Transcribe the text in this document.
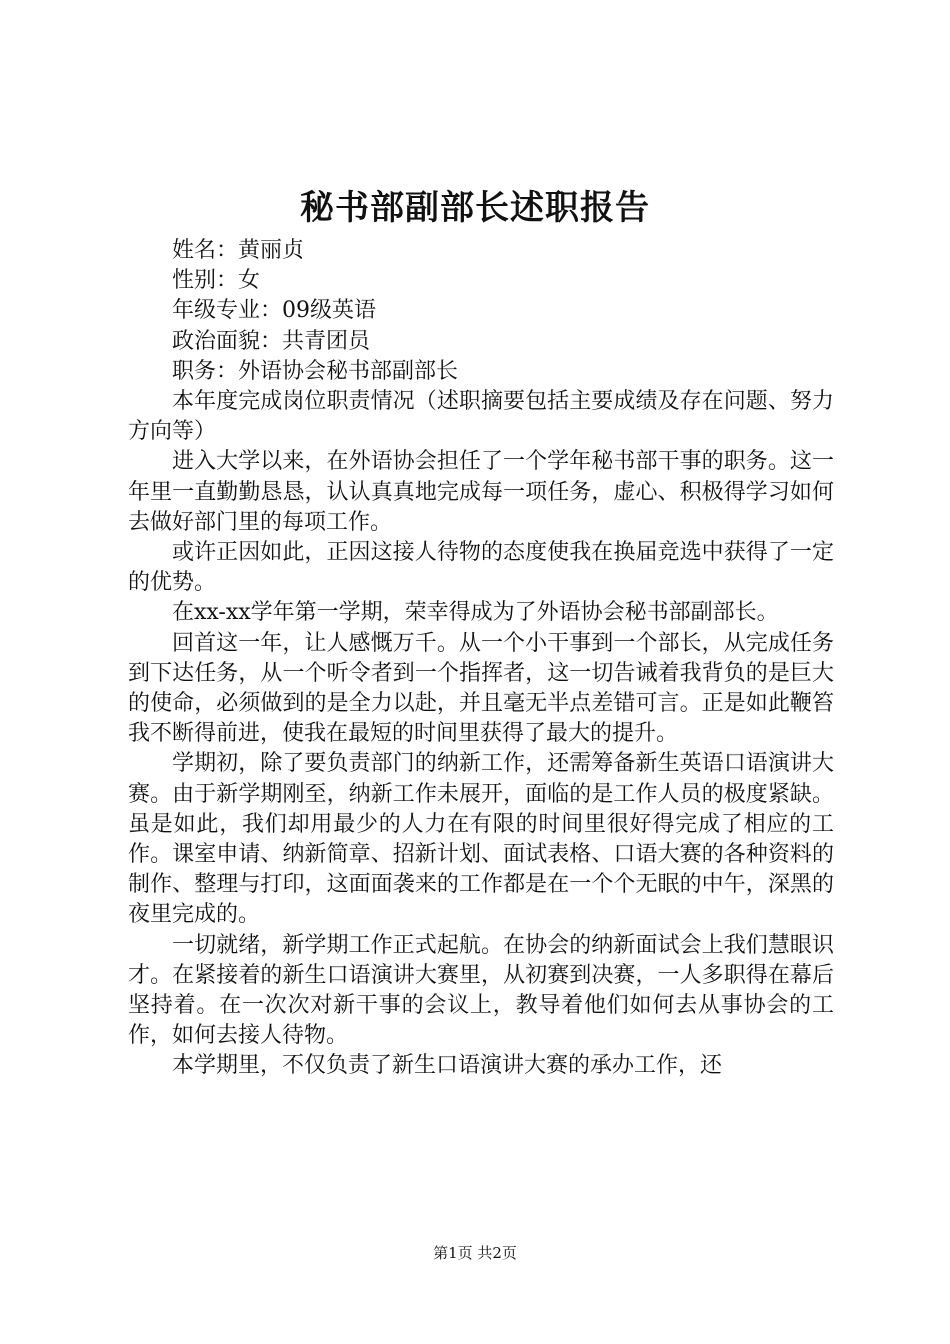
秘书部副部长述职报告

姓名：黄丽贞

性别：女

年级专业：09级英语

政治面貌：共青团员

职务：外语协会秘书部副部长

本年度完成岗位职责情况（述职摘要包括主要成绩及存在问题、努力方向等）

进入大学以来，在外语协会担任了一个学年秘书部干事的职务。这一年里一直勤勤恳恳，认认真真地完成每一项任务，虚心、积极得学习如何去做好部门里的每项工作。

或许正因如此，正因这接人待物的态度使我在换届竞选中获得了一定的优势。

在xx-xx学年第一学期，荣幸得成为了外语协会秘书部副部长。

回首这一年，让人感慨万千。从一个小干事到一个部长，从完成任务到下达任务，从一个听令者到一个指挥者，这一切告诫着我背负的是巨大的使命，必须做到的是全力以赴，并且毫无半点差错可言。正是如此鞭笞我不断得前进，使我在最短的时间里获得了最大的提升。

学期初，除了要负责部门的纳新工作，还需筹备新生英语口语演讲大赛。由于新学期刚至，纳新工作未展开，面临的是工作人员的极度紧缺。虽是如此，我们却用最少的人力在有限的时间里很好得完成了相应的工作。课室申请、纳新简章、招新计划、面试表格、口语大赛的各种资料的制作、整理与打印，这面面袭来的工作都是在一个个无眠的中午，深黑的夜里完成的。

一切就绪，新学期工作正式起航。在协会的纳新面试会上我们慧眼识才。在紧接着的新生口语演讲大赛里，从初赛到决赛，一人多职得在幕后坚持着。在一次次对新干事的会议上，教导着他们如何去从事协会的工作，如何去接人待物。

本学期里，不仅负责了新生口语演讲大赛的承办工作，还

第1页 共2页
